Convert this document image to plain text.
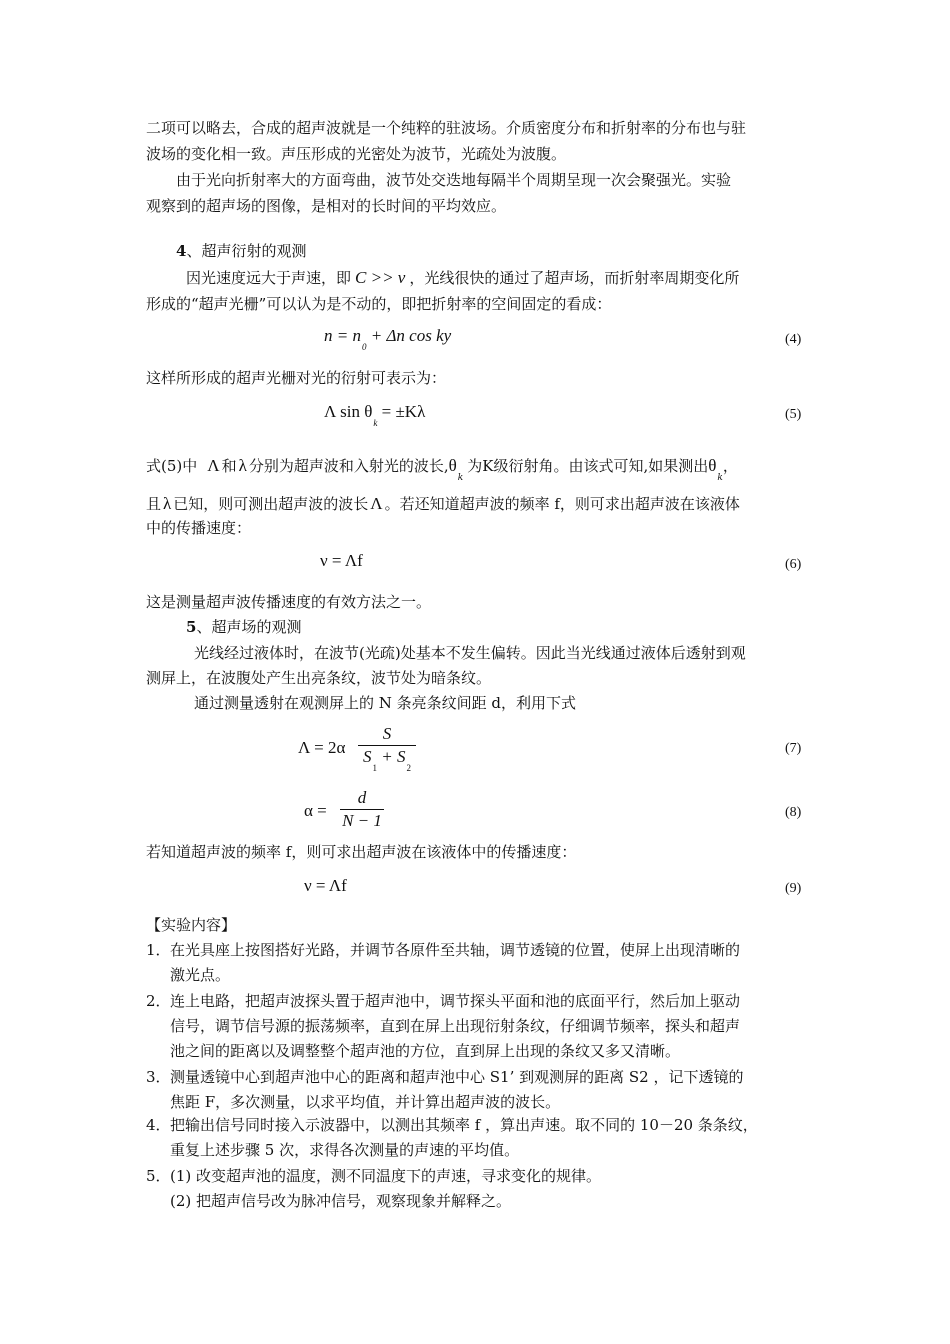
二项可以略去，合成的超声波就是一个纯粹的驻波场。介质密度分布和折射率的分布也与驻
波场的变化相一致。声压形成的光密处为波节，光疏处为波腹。
由于光向折射率大的方面弯曲，波节处交迭地每隔半个周期呈现一次会聚强光。实验
观察到的超声场的图像，是相对的长时间的平均效应。
4、超声衍射的观测
因光速度远大于声速，即 C >> ν ，光线很快的通过了超声场，而折射率周期变化所
形成的“超声光栅”可以认为是不动的，即把折射率的空间固定的看成：
$n = n_0 + \Delta n$ cos ky	(4)
这样所形成的超声光栅对光的衍射可表示为：
Λ $\sin \theta_k = \pm K\lambda$	(5)
式(5)中 Λ 和 λ 分别为超声波和入射光的波长$,\theta_k$为K级衍射角。由该式可知,如果测出$\theta_k$，
且 λ 已知，则可测出超声波的波长 Λ 。若还知道超声波的频率 f，则可求出超声波在该液体
中的传播速度：
ν = Λf	(6)
这是测量超声波传播速度的有效方法之一。
5、超声场的观测
光线经过液体时，在波节(光疏)处基本不发生偏转。因此当光线通过液体后透射到观
测屏上，在波腹处产生出亮条纹，波节处为暗条纹。
通过测量透射在观测屏上的 N 条亮条纹间距 d，利用下式
Λ = 2α
S
$S_1 + S_2$
(7)
α =
d
N − 1	(8)
若知道超声波的频率 f，则可求出超声波在该液体中的传播速度：
ν = Λf	(9)
【实验内容】
1． 在光具座上按图搭好光路，并调节各原件至共轴，调节透镜的位置，使屏上出现清晰的
激光点。
2． 连上电路，把超声波探头置于超声池中，调节探头平面和池的底面平行，然后加上驱动
信号，调节信号源的振荡频率，直到在屏上出现衍射条纹，仔细调节频率，探头和超声
池之间的距离以及调整整个超声池的方位，直到屏上出现的条纹又多又清晰。
3． 测量透镜中心到超声池中心的距离和超声池中心 S1’ 到观测屏的距离 S2 ，记下透镜的
焦距 F，多次测量，以求平均值，并计算出超声波的波长。
4． 把输出信号同时接入示波器中，以测出其频率 f ，算出声速。取不同的 10－20 条条纹，
重复上述步骤 5 次，求得各次测量的声速的平均值。
5． (1) 改变超声池的温度，测不同温度下的声速，寻求变化的规律。
(2) 把超声信号改为脉冲信号，观察现象并解释之。
